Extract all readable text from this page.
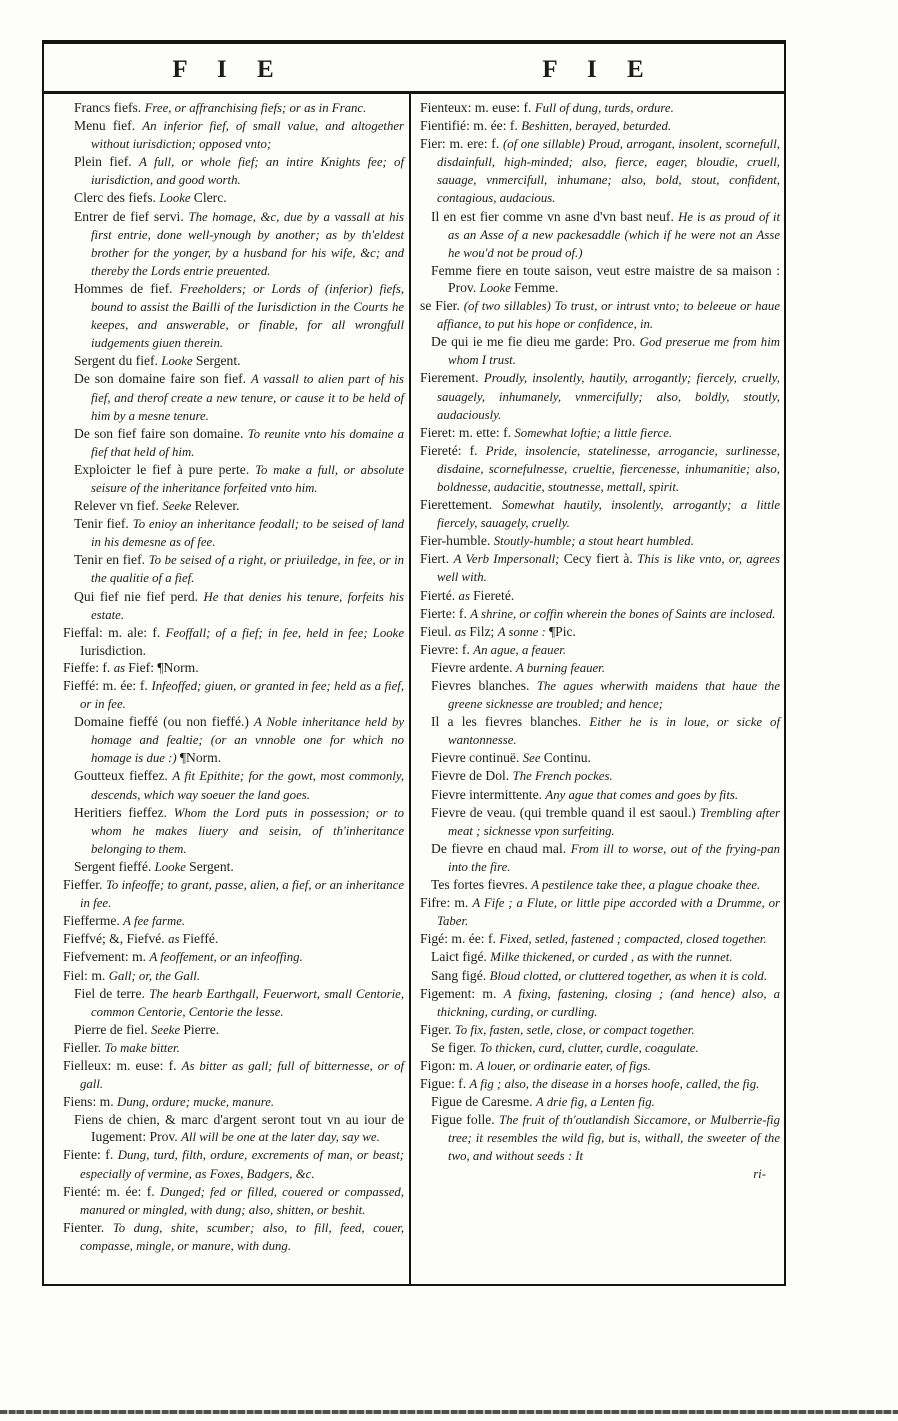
F I E	F I E

Francs fiefs. Free, or affranchising fiefs; or as in Franc.

Menu fief. An inferior fief, of small value, and altogether without iurisdiction; opposed vnto;

Plein fief. A full, or whole fief; an intire Knights fee; of iurisdiction, and good worth.

Clerc des fiefs. Looke Clerc.

Entrer de fief servi. The homage, &c, due by a vassall at his first entrie, done well-ynough by another; as by th'eldest brother for the yonger, by a husband for his wife, &c; and thereby the Lords entrie preuented.

Hommes de fief. Freeholders; or Lords of (inferior) fiefs, bound to assist the Bailli of the Iurisdiction in the Courts he keepes, and answerable, or finable, for all wrongfull iudgements giuen therein.

Sergent du fief. Looke Sergent.

De son domaine faire son fief. A vassall to alien part of his fief, and therof create a new tenure, or cause it to be held of him by a mesne tenure.

De son fief faire son domaine. To reunite vnto his domaine a fief that held of him.

Exploicter le fief à pure perte. To make a full, or absolute seisure of the inheritance forfeited vnto him.

Relever vn fief. Seeke Relever.

Tenir fief. To enioy an inheritance feodall; to be seised of land in his demesne as of fee.

Tenir en fief. To be seised of a right, or priuiledge, in fee, or in the qualitie of a fief.

Qui fief nie fief perd. He that denies his tenure, forfeits his estate.

Fieffal: m. ale: f. Feoffall; of a fief; in fee, held in fee; Looke Iurisdiction.

Fieffe: f. as Fief: ¶Norm.

Fieffé: m. ée: f. Infeoffed; giuen, or granted in fee; held as a fief, or in fee.

Domaine fieffé (ou non fieffé.) A Noble inheritance held by homage and fealtie; (or an vnnoble one for which no homage is due :) ¶Norm.

Goutteux fieffez. A fit Epithite; for the gowt, most commonly, descends, which way soeuer the land goes.

Heritiers fieffez. Whom the Lord puts in possession; or to whom he makes liuery and seisin, of th'inheritance belonging to them.

Sergent fieffé. Looke Sergent.

Fieffer. To infeoffe; to grant, passe, alien, a fief, or an inheritance in fee.

Fiefferme. A fee farme.

Fieffvé; &, Fiefvé. as Fieffé.

Fiefvement: m. A feoffement, or an infeoffing.

Fiel: m. Gall; or, the Gall.

Fiel de terre. The hearb Earthgall, Feuerwort, small Centorie, common Centorie, Centorie the lesse.

Pierre de fiel. Seeke Pierre.

Fieller. To make bitter.

Fielleux: m. euse: f. As bitter as gall; full of bitternesse, or of gall.

Fiens: m. Dung, ordure; mucke, manure.

Fiens de chien, & marc d'argent seront tout vn au iour de Iugement: Prov. All will be one at the later day, say we.

Fiente: f. Dung, turd, filth, ordure, excrements of man, or beast; especially of vermine, as Foxes, Badgers, &c.

Fienté: m. ée: f. Dunged; fed or filled, couered or compassed, manured or mingled, with dung; also, shitten, or beshit.

Fienter. To dung, shite, scumber; also, to fill, feed, couer, compasse, mingle, or manure, with dung.

Fienteux: m. euse: f. Full of dung, turds, ordure.

Fientifié: m. ée: f. Beshitten, berayed, beturded.

Fier: m. ere: f. (of one sillable) Proud, arrogant, insolent, scornefull, disdainfull, high-minded; also, fierce, eager, bloudie, cruell, sauage, vnmercifull, inhumane; also, bold, stout, confident, contagious, audacious.

Il en est fier comme vn asne d'vn bast neuf. He is as proud of it as an Asse of a new packesaddle (which if he were not an Asse he wou'd not be proud of.)

Femme fiere en toute saison, veut estre maistre de sa maison : Prov. Looke Femme.

se Fier. (of two sillables) To trust, or intrust vnto; to beleeue or haue affiance, to put his hope or confidence, in.

De qui ie me fie dieu me garde: Pro. God preserue me from him whom I trust.

Fierement. Proudly, insolently, hautily, arrogantly; fiercely, cruelly, sauagely, inhumanely, vnmercifully; also, boldly, stoutly, audaciously.

Fieret: m. ette: f. Somewhat loftie; a little fierce.

Fiereté: f. Pride, insolencie, statelinesse, arrogancie, surlinesse, disdaine, scornefulnesse, crueltie, fiercenesse, inhumanitie; also, boldnesse, audacitie, stoutnesse, mettall, spirit.

Fierettement. Somewhat hautily, insolently, arrogantly; a little fiercely, sauagely, cruelly.

Fier-humble. Stoutly-humble; a stout heart humbled.

Fiert. A Verb Impersonall; Cecy fiert à. This is like vnto, or, agrees well with.

Fierté. as Fiereté.

Fierte: f. A shrine, or coffin wherein the bones of Saints are inclosed.

Fieul. as Filz; A sonne : ¶Pic.

Fievre: f. An ague, a feauer.

Fievre ardente. A burning feauer.

Fievres blanches. The agues wherwith maidens that haue the greene sicknesse are troubled; and hence;

Il a les fievres blanches. Either he is in loue, or sicke of wantonnesse.

Fievre continuë. See Continu.

Fievre de Dol. The French pockes.

Fievre intermittente. Any ague that comes and goes by fits.

Fievre de veau. (qui tremble quand il est saoul.) Trembling after meat ; sicknesse vpon surfeiting.

De fievre en chaud mal. From ill to worse, out of the frying-pan into the fire.

Tes fortes fievres. A pestilence take thee, a plague choake thee.

Fifre: m. A Fife ; a Flute, or little pipe accorded with a Drumme, or Taber.

Figé: m. ée: f. Fixed, setled, fastened ; compacted, closed together.

Laict figé. Milke thickened, or curded , as with the runnet.

Sang figé. Bloud clotted, or cluttered together, as when it is cold.

Figement: m. A fixing, fastening, closing ; (and hence) also, a thickning, curding, or curdling.

Figer. To fix, fasten, setle, close, or compact together.

Se figer. To thicken, curd, clutter, curdle, coagulate.

Figon: m. A louer, or ordinarie eater, of figs.

Figue: f. A fig ; also, the disease in a horses hoofe, called, the fig.

Figue de Caresme. A drie fig, a Lenten fig.

Figue folle. The fruit of th'outlandish Siccamore, or Mulberrie-fig tree; it resembles the wild fig, but is, withall, the sweeter of the two, and without seeds : It

ri-
